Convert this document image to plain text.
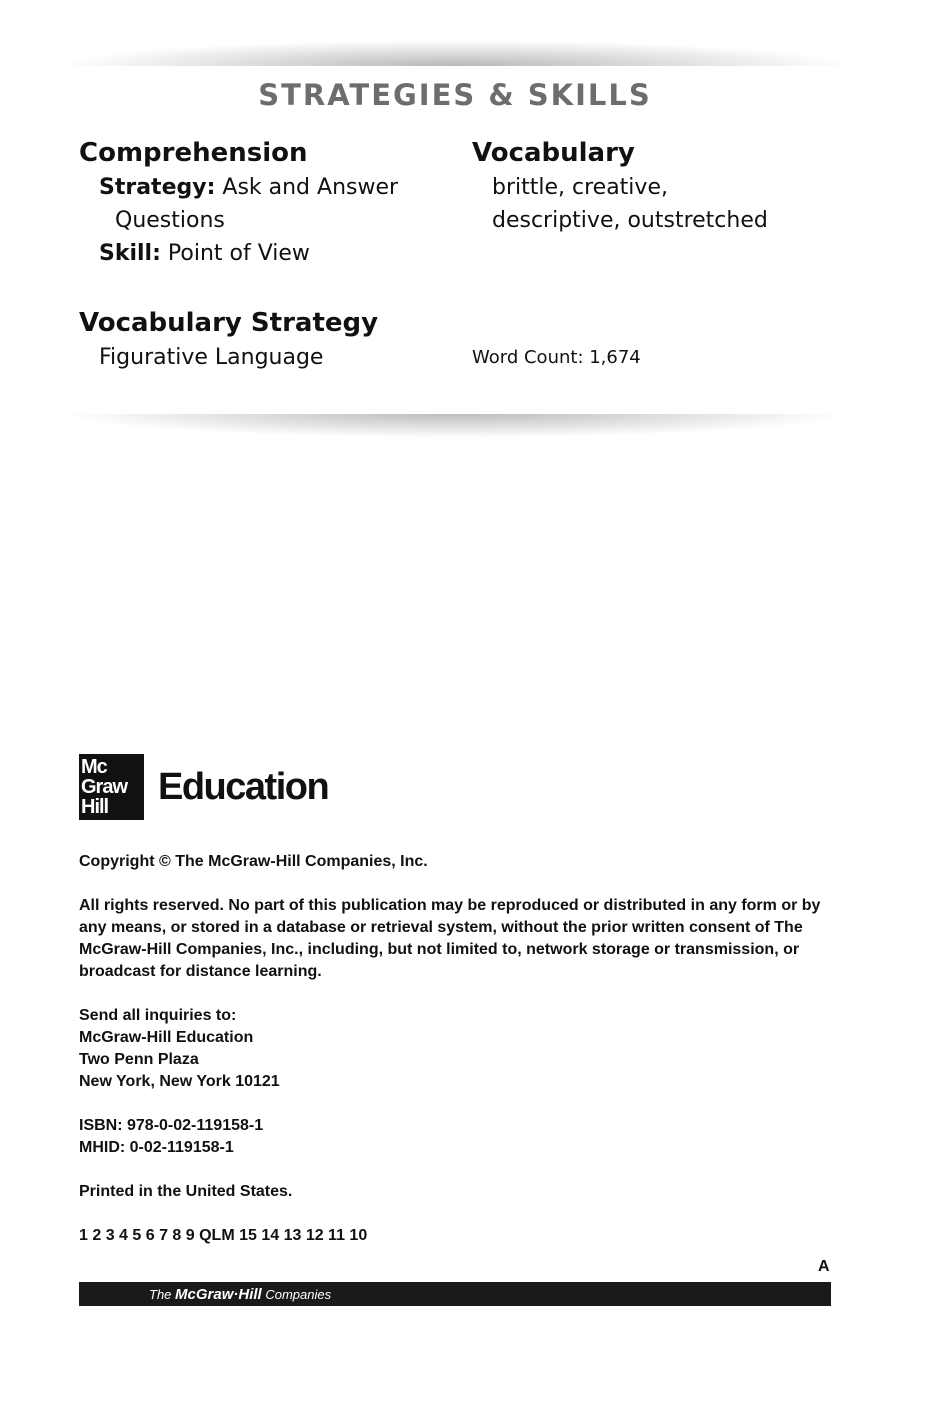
STRATEGIES & SKILLS
Comprehension
Strategy: Ask and Answer
Questions
Skill: Point of View
Vocabulary
brittle, creative,
descriptive, outstretched
Vocabulary Strategy
Figurative Language	Word Count: 1,674
Mc
Graw
Hill	Education
Copyright © The McGraw-Hill Companies, Inc.
All rights reserved. No part of this publication may be reproduced or distributed in any form or by
any means, or stored in a database or retrieval system, without the prior written consent of The
McGraw-Hill Companies, Inc., including, but not limited to, network storage or transmission, or
broadcast for distance learning.
Send all inquiries to:
McGraw-Hill Education
Two Penn Plaza
New York, New York 10121
ISBN: 978-0-02-119158-1
MHID: 0-02-119158-1
Printed in the United States.
1 2 3 4 5 6 7 8 9 QLM 15 14 13 12 11 10
A
The McGraw·Hill Companies
